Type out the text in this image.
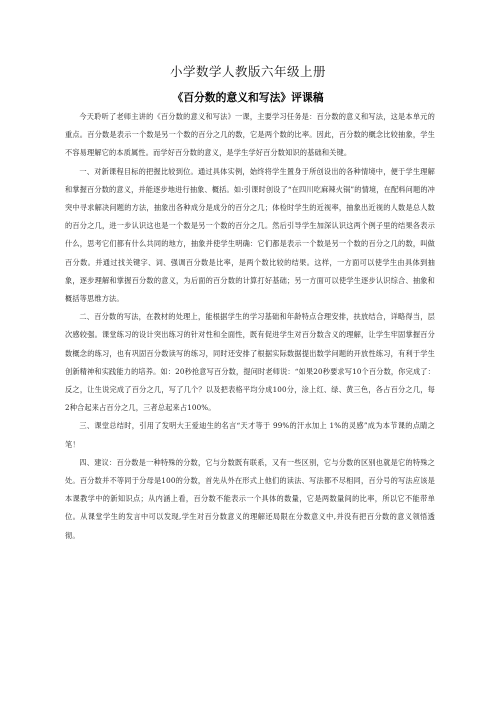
小学数学人教版六年级上册
《百分数的意义和写法》评课稿

今天聆听了老师主讲的《百分数的意义和写法》一课，主要学习任务是：百分数的意义和写法，这是本单元的重点。百分数是表示一个数是另一个数的百分之几的数，它是两个数的比率。因此，百分数的概念比较抽象，学生不容易理解它的本质属性。而学好百分数的意义，是学生学好百分数知识的基础和关键。

一、对新课程目标的把握比较到位。通过具体实例，始终将学生置身于所创设出的各种情境中，便于学生理解和掌握百分数的意义，并能逐步地进行抽象、概括。如:引课时创设了“在四川吃麻辣火锅”的情境，在配料问题的冲突中寻求解决问题的方法，抽象出各种成分是成分的百分之几；体检时学生的近视率，抽象出近视的人数是总人数的百分之几，进一步认识这也是一个数是另一个数的百分之几。然后引导学生加深认识这两个例子里的结果各表示什么，思考它们都有什么共同的地方，抽象并使学生明确：它们都是表示一个数是另一个数的百分之几的数，叫做百分数。并通过找关键字、词、强调百分数是比率，是两个数比较的结果。这样，一方面可以使学生由具体到抽象，逐步理解和掌握百分数的意义，为后面的百分数的计算打好基础；另一方面可以使学生逐步认识综合、抽象和概括等思维方法。

二、百分数的写法，在教材的处理上，能根据学生的学习基础和年龄特点合理安排，扶放结合，详略得当，层次感较强。课堂练习的设计突出练习的针对性和全面性，既有促进学生对百分数含义的理解，让学生牢固掌握百分数概念的练习，也有巩固百分数读写的练习，同时还安排了根据实际数据提出数学问题的开放性练习，有利于学生创新精神和实践能力的培养。如：20秒抢意写百分数，提问时老师说：“如果20秒要求写10个百分数，你完成了：反之，让生说完成了百分之几，写了几个？以及把表格平均分成100分，涂上红、绿、黄三色，各占百分之几，每2种合起来占百分之几，三者总起来占100%。

三、课堂总结时，引用了发明大王爱迪生的名言“天才等于 99%的汗水加上 1%的灵感”成为本节课的点睛之笔！

四、建议：百分数是一种特殊的分数，它与分数既有联系，又有一些区别，它与分数的区别也就是它的特殊之处。百分数并不等同于分母是100的分数，首先从外在形式上他们的读法、写法都不尽相同，百分号的写法应该是本课教学中的新知识点；从内涵上看，百分数不能表示一个具体的数量，它是两数量间的比率，所以它不能带单位。从课堂学生的发言中可以发现,学生对百分数意义的理解还局限在分数意义中,并没有把百分数的意义领悟透彻。
